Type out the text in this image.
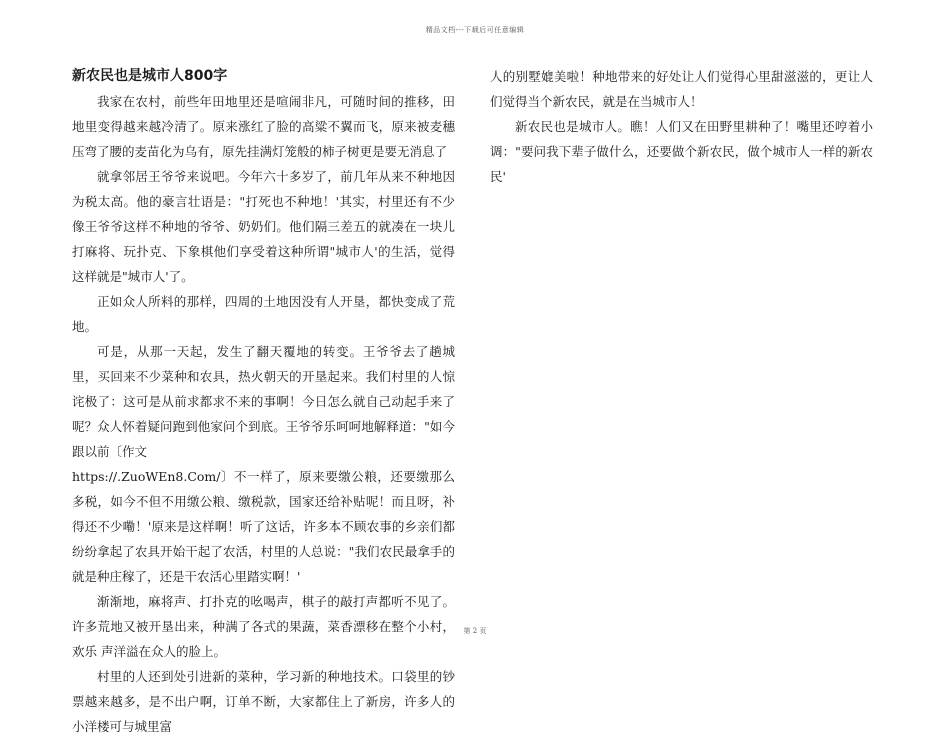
精品文档---下载后可任意编辑
新农民也是城市人800字

我家在农村，前些年田地里还是喧闹非凡，可随时间的推移，田地里变得越来越冷清了。原来涨红了脸的高粱不翼而飞，原来被麦穗压弯了腰的麦苗化为乌有，原先挂满灯笼般的柿子树更是要无消息了

就拿邻居王爷爷来说吧。今年六十多岁了，前几年从来不种地因为税太高。他的豪言壮语是："打死也不种地！'其实，村里还有不少像王爷爷这样不种地的爷爷、奶奶们。他们隔三差五的就凑在一块儿打麻将、玩扑克、下象棋他们享受着这种所谓"城市人'的生活，觉得这样就是"城市人'了。

正如众人所料的那样，四周的土地因没有人开垦，都快变成了荒地。

可是，从那一天起，发生了翻天覆地的转变。王爷爷去了趟城里，买回来不少菜种和农具，热火朝天的开垦起来。我们村里的人惊诧极了：这可是从前求都求不来的事啊！今日怎么就自己动起手来了呢？众人怀着疑问跑到他家问个到底。王爷爷乐呵呵地解释道："如今跟以前〔作文

https://.ZuoWEn8.Com/〕不一样了，原来要缴公粮，还要缴那么多税，如今不但不用缴公粮、缴税款，国家还给补贴呢！而且呀，补得还不少嘞！'原来是这样啊！听了这话，许多本不顾农事的乡亲们都纷纷拿起了农具开始干起了农活，村里的人总说："我们农民最拿手的就是种庄稼了，还是干农活心里踏实啊！'

渐渐地，麻将声、打扑克的吆喝声，棋子的敲打声都听不见了。许多荒地又被开垦出来，种满了各式的果蔬，菜香漂移在整个小村，欢乐 声洋溢在众人的脸上。

村里的人还到处引进新的菜种，学习新的种地技术。口袋里的钞票越来越多，是不出户啊，订单不断，大家都住上了新房，许多人的小洋楼可与城里富

人的别墅媲美啦！种地带来的好处让人们觉得心里甜滋滋的，更让人们觉得当个新农民，就是在当城市人！

新农民也是城市人。瞧！人们又在田野里耕种了！嘴里还哼着小调："要问我下辈子做什么，还要做个新农民，做个城市人一样的新农民'

第 2 页
